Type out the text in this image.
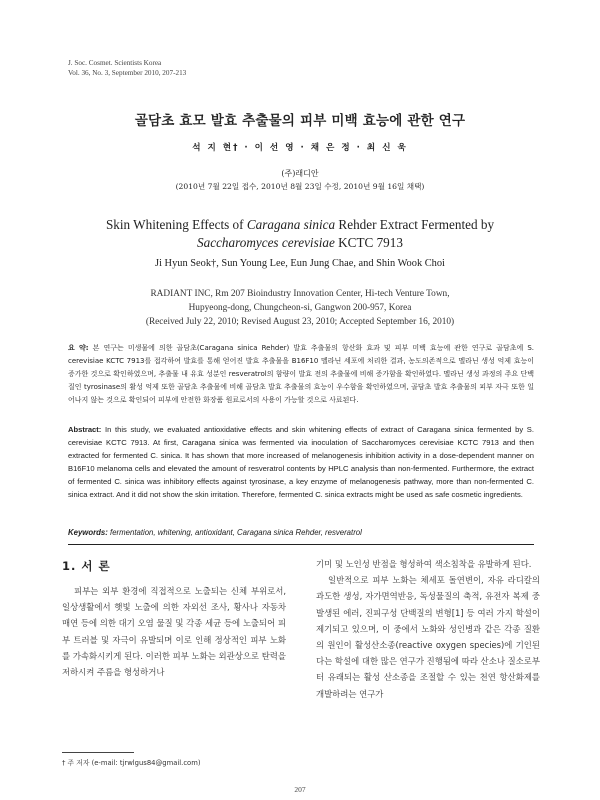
J. Soc. Cosmet. Scientists Korea
Vol. 36, No. 3, September 2010, 207-213
골담초 효모 발효 추출물의 피부 미백 효능에 관한 연구
석 지 현† · 이 선 영 · 채 은 정 · 최 신 욱
(주)래디안
(2010년 7월 22일 접수, 2010년 8월 23일 수정, 2010년 9월 16일 채택)
Skin Whitening Effects of Caragana sinica Rehder Extract Fermented by
Saccharomyces cerevisiae KCTC 7913
Ji Hyun Seok†, Sun Young Lee, Eun Jung Chae, and Shin Wook Choi
RADIANT INC, Rm 207 Bioindustry Innovation Center, Hi-tech Venture Town,
Hupyeong-dong, Chungcheon-si, Gangwon 200-957, Korea
(Received July 22, 2010; Revised August 23, 2010; Accepted September 16, 2010)
요 약: 본 연구는 미생물에 의한 골담초(Caragana sinica Rehder) 발효 추출물의 항산화 효과 및 피부 미백 효능에 관한 연구로 골담초에 S. cerevisiae KCTC 7913를 접각하여 발효를 통해 얻어진 발효 추출물을 B16F10 멜라닌 세포에 처리한 결과, 농도의존적으로 멜라닌 생성 억제 효능이 증가한 것으로 확인하였으며, 추출물 내 유효 성분인 resveratrol의 함량이 발효 전의 추출물에 비해 증가함을 확인하였다. 멜라닌 생성 과정의 주요 단백질인 tyrosinase의 활성 억제 또한 골담초 추출물에 비해 골담초 발효 추출물의 효능이 우수함을 확인하였으며, 골담초 발효 추출물의 피부 자극 또한 일어나지 않는 것으로 확인되어 피부에 안전한 화장품 원료로서의 사용이 가능할 것으로 사료된다.
Abstract: In this study, we evaluated antioxidative effects and skin whitening effects of extract of Caragana sinica fermented by S. cerevisiae KCTC 7913. At first, Caragana sinica was fermented via inoculation of Saccharomyces cerevisiae KCTC 7913 and then extracted for fermented C. sinica. It has shown that more increased of melanogenesis inhibition activity in a dose-dependent manner on B16F10 melanoma cells and elevated the amount of resveratrol contents by HPLC analysis than non-fermented. Furthermore, the extract of fermented C. sinica was inhibitory effects against tyrosinase, a key enzyme of melanogenesis pathway, more than non-fermented C. sinica extract. And it did not show the skin irritation. Therefore, fermented C. sinica extracts might be used as safe cosmetic ingredients.
Keywords: fermentation, whitening, antioxidant, Caragana sinica Rehder, resveratrol
1. 서 론

피부는 외부 환경에 직접적으로 노출되는 신체 부위로서, 일상생활에서 햇빛 노출에 의한 자외선 조사, 황사나 자동차 매연 등에 의한 대기 오염 물질 및 각종 세균 등에 노출되어 피부 트러블 및 자극이 유발되며 이로 인해 정상적인 피부 노화를 가속화시키게 된다. 이러한 피부 노화는 외관상으로 탄력을 저하시켜 주름을 형성하거나

기미 및 노인성 반점을 형성하여 색소침착을 유발하게 된다.

일반적으로 피부 노화는 체세포 돌연변이, 자유 라디칼의 과도한 생성, 자가면역반응, 독성물질의 축적, 유전자 복제 중 발생된 에러, 진피구성 단백질의 변형[1] 등 여러 가지 학설이 제기되고 있으며, 이 중에서 노화와 성인병과 같은 각종 질환의 원인이 활성산소종(reactive oxygen species)에 기인된다는 학설에 대한 많은 연구가 진행됨에 따라 산소나 질소로부터 유래되는 활성 산소종을 조절할 수 있는 천연 항산화제를 개발하려는 연구가

† 주 저자 (e-mail: tjrwlgus84@gmail.com)
207
